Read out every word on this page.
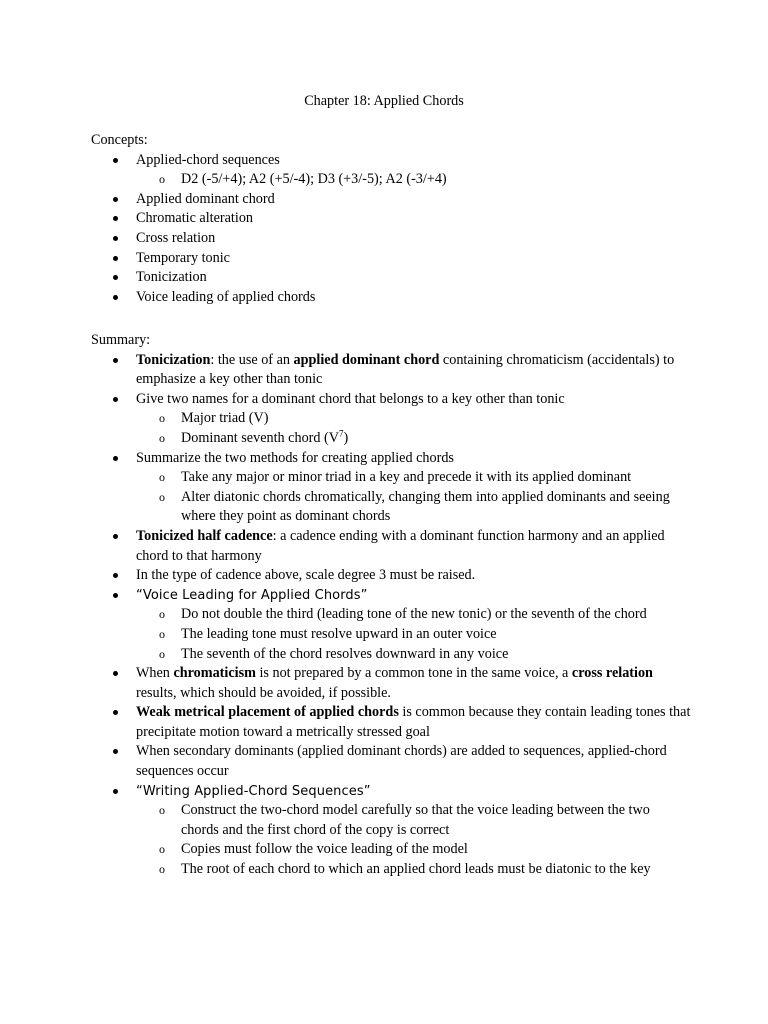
Chapter 18: Applied Chords
Concepts:
Applied-chord sequences
o D2 (-5/+4); A2 (+5/-4); D3 (+3/-5); A2 (-3/+4)
Applied dominant chord
Chromatic alteration
Cross relation
Temporary tonic
Tonicization
Voice leading of applied chords
Summary:
Tonicization: the use of an applied dominant chord containing chromaticism (accidentals) to emphasize a key other than tonic
Give two names for a dominant chord that belongs to a key other than tonic
o Major triad (V)
o Dominant seventh chord $(V^7)$
Summarize the two methods for creating applied chords
o Take any major or minor triad in a key and precede it with its applied dominant
o Alter diatonic chords chromatically, changing them into applied dominants and seeing where they point as dominant chords
Tonicized half cadence: a cadence ending with a dominant function harmony and an applied chord to that harmony
In the type of cadence above, scale degree 3 must be raised.
“Voice Leading for Applied Chords”
o Do not double the third (leading tone of the new tonic) or the seventh of the chord
o The leading tone must resolve upward in an outer voice
o The seventh of the chord resolves downward in any voice
When chromaticism is not prepared by a common tone in the same voice, a cross relation results, which should be avoided, if possible.
Weak metrical placement of applied chords is common because they contain leading tones that precipitate motion toward a metrically stressed goal
When secondary dominants (applied dominant chords) are added to sequences, applied-chord sequences occur
“Writing Applied-Chord Sequences”
o Construct the two-chord model carefully so that the voice leading between the two chords and the first chord of the copy is correct
o Copies must follow the voice leading of the model
o The root of each chord to which an applied chord leads must be diatonic to the key
